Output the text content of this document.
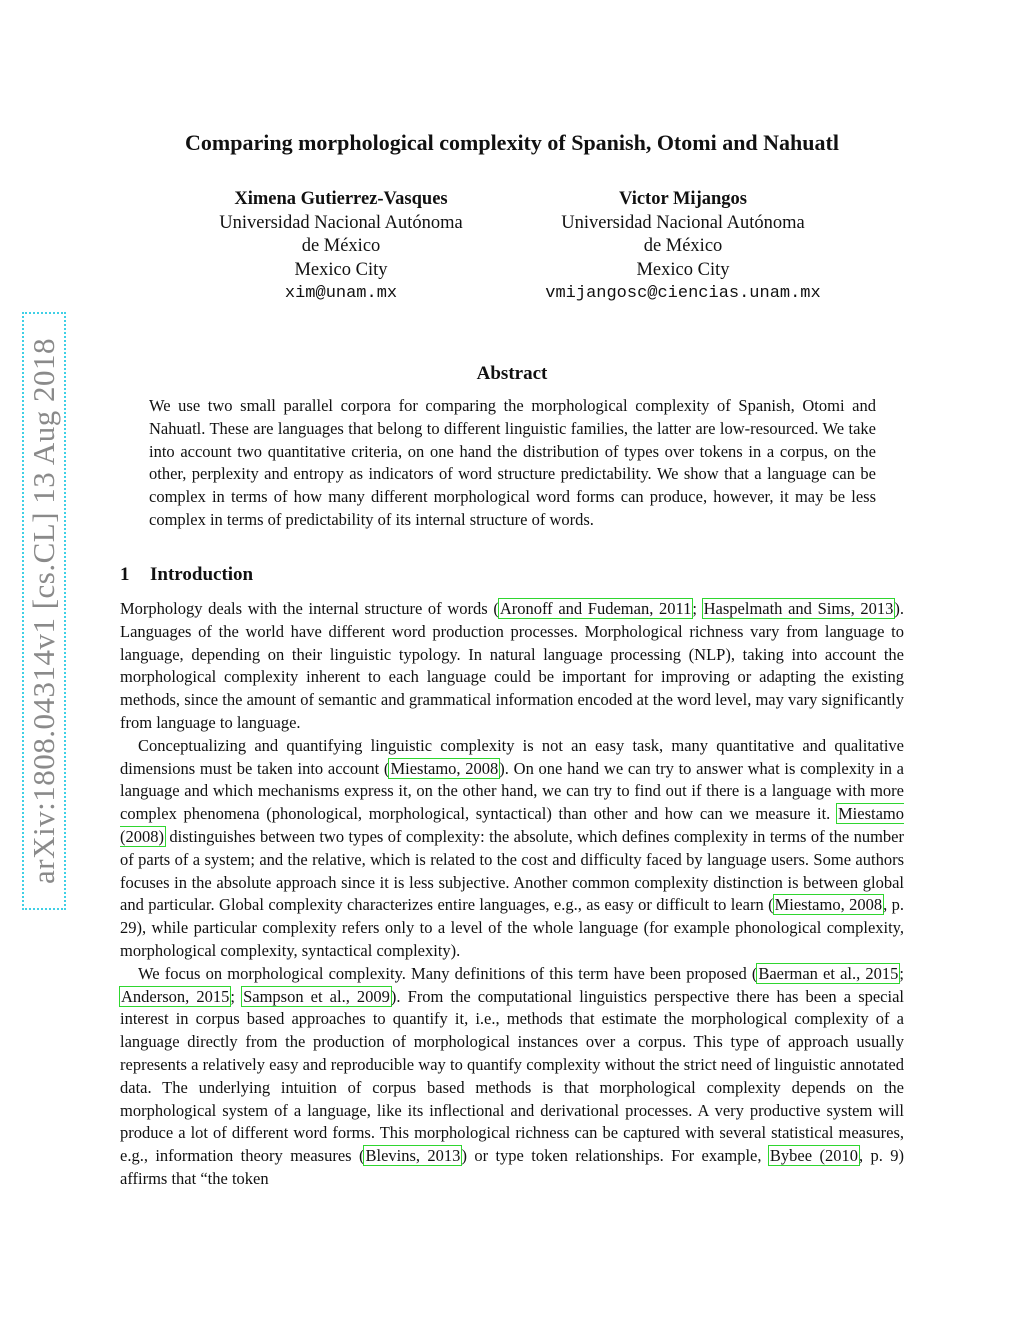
arXiv:1808.04314v1 [cs.CL] 13 Aug 2018
Comparing morphological complexity of Spanish, Otomi and Nahuatl
Ximena Gutierrez-Vasques
Universidad Nacional Autónoma
de México
Mexico City
xim@unam.mx
Victor Mijangos
Universidad Nacional Autónoma
de México
Mexico City
vmijangosc@ciencias.unam.mx
Abstract

We use two small parallel corpora for comparing the morphological complexity of Spanish, Otomi and Nahuatl. These are languages that belong to different linguistic families, the latter are low-resourced. We take into account two quantitative criteria, on one hand the distribution of types over tokens in a corpus, on the other, perplexity and entropy as indicators of word structure predictability. We show that a language can be complex in terms of how many different morphological word forms can produce, however, it may be less complex in terms of predictability of its internal structure of words.

1 Introduction

Morphology deals with the internal structure of words (Aronoff and Fudeman, 2011; Haspelmath and Sims, 2013). Languages of the world have different word production processes. Morphological richness vary from language to language, depending on their linguistic typology. In natural language processing (NLP), taking into account the morphological complexity inherent to each language could be important for improving or adapting the existing methods, since the amount of semantic and grammatical information encoded at the word level, may vary significantly from language to language.

Conceptualizing and quantifying linguistic complexity is not an easy task, many quantitative and qualitative dimensions must be taken into account (Miestamo, 2008). On one hand we can try to answer what is complexity in a language and which mechanisms express it, on the other hand, we can try to find out if there is a language with more complex phenomena (phonological, morphological, syntactical) than other and how can we measure it. Miestamo (2008) distinguishes between two types of complexity: the absolute, which defines complexity in terms of the number of parts of a system; and the relative, which is related to the cost and difficulty faced by language users. Some authors focuses in the absolute approach since it is less subjective. Another common complexity distinction is between global and particular. Global complexity characterizes entire languages, e.g., as easy or difficult to learn (Miestamo, 2008, p. 29), while particular complexity refers only to a level of the whole language (for example phonological complexity, morphological complexity, syntactical complexity).

We focus on morphological complexity. Many definitions of this term have been proposed (Baerman et al., 2015; Anderson, 2015; Sampson et al., 2009). From the computational linguistics perspective there has been a special interest in corpus based approaches to quantify it, i.e., methods that estimate the morphological complexity of a language directly from the production of morphological instances over a corpus. This type of approach usually represents a relatively easy and reproducible way to quantify complexity without the strict need of linguistic annotated data. The underlying intuition of corpus based methods is that morphological complexity depends on the morphological system of a language, like its inflectional and derivational processes. A very productive system will produce a lot of different word forms. This morphological richness can be captured with several statistical measures, e.g., information theory measures (Blevins, 2013) or type token relationships. For example, Bybee (2010, p. 9) affirms that “the token
